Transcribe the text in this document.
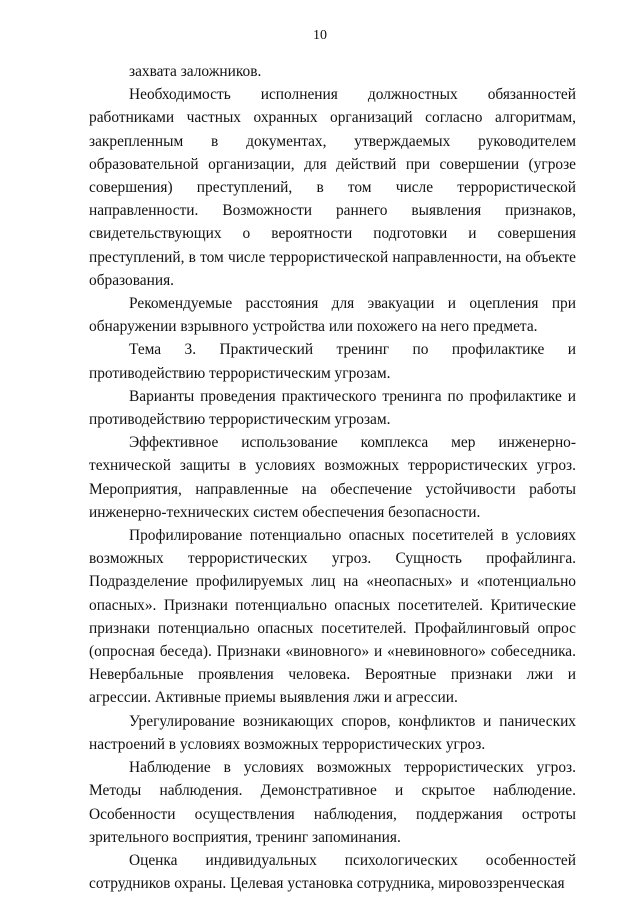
10

захвата заложников.

Необходимость исполнения должностных обязанностей работниками частных охранных организаций согласно алгоритмам, закрепленным в документах, утверждаемых руководителем образовательной организации, для действий при совершении (угрозе совершения) преступлений, в том числе террористической направленности. Возможности раннего выявления признаков, свидетельствующих о вероятности подготовки и совершения преступлений, в том числе террористической направленности, на объекте образования.

Рекомендуемые расстояния для эвакуации и оцепления при обнаружении взрывного устройства или похожего на него предмета.

Тема 3. Практический тренинг по профилактике и противодействию террористическим угрозам.

Варианты проведения практического тренинга по профилактике и противодействию террористическим угрозам.

Эффективное использование комплекса мер инженерно-технической защиты в условиях возможных террористических угроз. Мероприятия, направленные на обеспечение устойчивости работы инженерно-технических систем обеспечения безопасности.

Профилирование потенциально опасных посетителей в условиях возможных террористических угроз. Сущность профайлинга. Подразделение профилируемых лиц на «неопасных» и «потенциально опасных». Признаки потенциально опасных посетителей. Критические признаки потенциально опасных посетителей. Профайлинговый опрос (опросная беседа). Признаки «виновного» и «невиновного» собеседника. Невербальные проявления человека. Вероятные признаки лжи и агрессии. Активные приемы выявления лжи и агрессии.

Урегулирование возникающих споров, конфликтов и панических настроений в условиях возможных террористических угроз.

Наблюдение в условиях возможных террористических угроз. Методы наблюдения. Демонстративное и скрытое наблюдение. Особенности осуществления наблюдения, поддержания остроты зрительного восприятия, тренинг запоминания.

Оценка индивидуальных психологических особенностей сотрудников охраны. Целевая установка сотрудника, мировоззренческая
